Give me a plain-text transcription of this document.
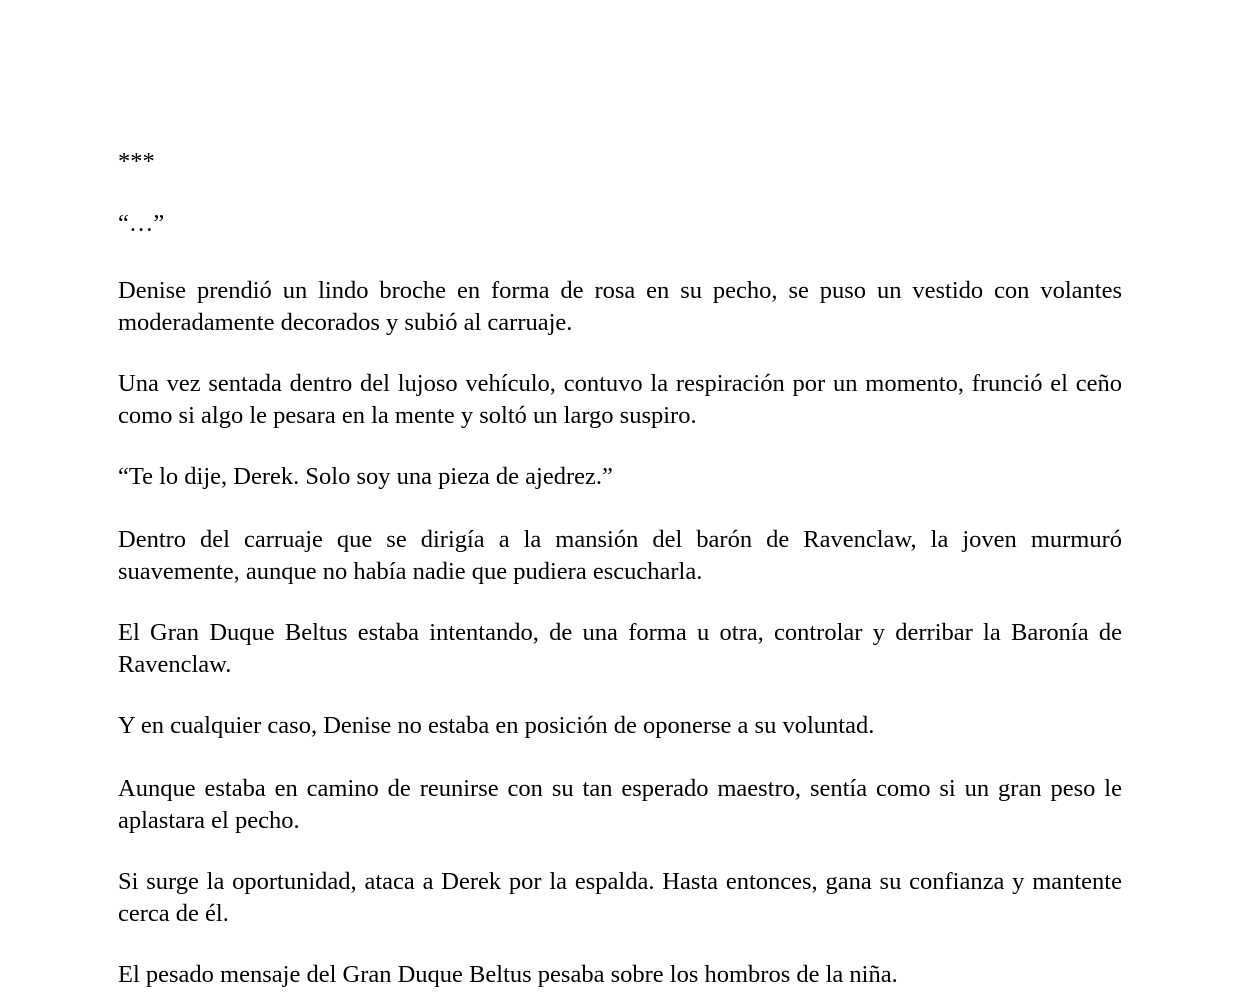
***

“…”

Denise prendió un lindo broche en forma de rosa en su pecho, se puso un vestido con volantes moderadamente decorados y subió al carruaje.

Una vez sentada dentro del lujoso vehículo, contuvo la respiración por un momento, frunció el ceño como si algo le pesara en la mente y soltó un largo suspiro.

“Te lo dije, Derek. Solo soy una pieza de ajedrez.”

Dentro del carruaje que se dirigía a la mansión del barón de Ravenclaw, la joven murmuró suavemente, aunque no había nadie que pudiera escucharla.

El Gran Duque Beltus estaba intentando, de una forma u otra, controlar y derribar la Baronía de Ravenclaw.

Y en cualquier caso, Denise no estaba en posición de oponerse a su voluntad.

Aunque estaba en camino de reunirse con su tan esperado maestro, sentía como si un gran peso le aplastara el pecho.

Si surge la oportunidad, ataca a Derek por la espalda. Hasta entonces, gana su confianza y mantente cerca de él.

El pesado mensaje del Gran Duque Beltus pesaba sobre los hombros de la niña.
